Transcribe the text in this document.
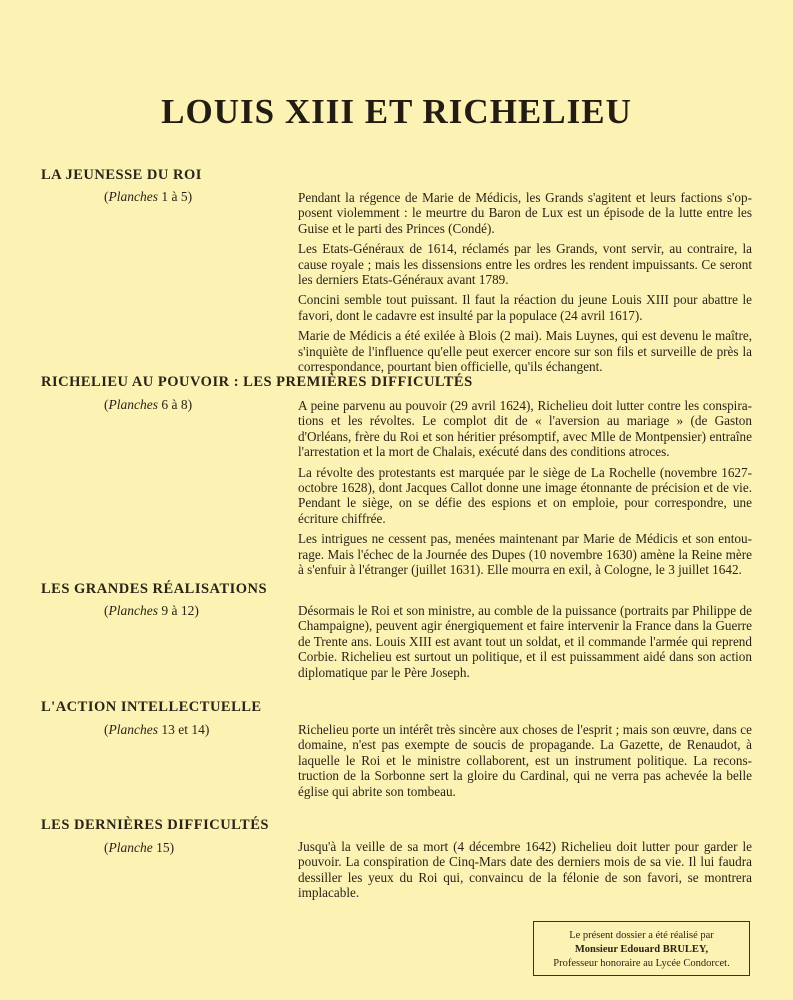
LOUIS XIII ET RICHELIEU
LA JEUNESSE DU ROI
(Planches 1 à 5)	Pendant la régence de Marie de Médicis, les Grands s'agitent et leurs factions s'opposent violemment : le meurtre du Baron de Lux est un épisode de la lutte entre les Guise et le parti des Princes (Condé).

Les Etats-Généraux de 1614, réclamés par les Grands, vont servir, au contraire, la cause royale ; mais les dissensions entre les ordres les rendent impuissants. Ce seront les derniers Etats-Généraux avant 1789.

Concini semble tout puissant. Il faut la réaction du jeune Louis XIII pour abattre le favori, dont le cadavre est insulté par la populace (24 avril 1617).

Marie de Médicis a été exilée à Blois (2 mai). Mais Luynes, qui est devenu le maître, s'inquiète de l'influence qu'elle peut exercer encore sur son fils et surveille de près la correspondance, pourtant bien officielle, qu'ils échangent.

RICHELIEU AU POUVOIR : LES PREMIÈRES DIFFICULTÉS
(Planches 6 à 8)	A peine parvenu au pouvoir (29 avril 1624), Richelieu doit lutter contre les conspirations et les révoltes. Le complot dit de « l'aversion au mariage » (de Gaston d'Orléans, frère du Roi et son héritier présomptif, avec Mlle de Montpensier) entraîne l'arrestation et la mort de Chalais, exécuté dans des conditions atroces.

La révolte des protestants est marquée par le siège de La Rochelle (novembre 1627-octobre 1628), dont Jacques Callot donne une image étonnante de précision et de vie. Pendant le siège, on se défie des espions et on emploie, pour correspondre, une écriture chiffrée.

Les intrigues ne cessent pas, menées maintenant par Marie de Médicis et son entourage. Mais l'échec de la Journée des Dupes (10 novembre 1630) amène la Reine mère à s'enfuir à l'étranger (juillet 1631). Elle mourra en exil, à Cologne, le 3 juillet 1642.

LES GRANDES RÉALISATIONS
(Planches 9 à 12)	Désormais le Roi et son ministre, au comble de la puissance (portraits par Philippe de Champaigne), peuvent agir énergiquement et faire intervenir la France dans la Guerre de Trente ans. Louis XIII est avant tout un soldat, et il commande l'armée qui reprend Corbie. Richelieu est surtout un politique, et il est puissamment aidé dans son action diplomatique par le Père Joseph.

L'ACTION INTELLECTUELLE
(Planches 13 et 14)	Richelieu porte un intérêt très sincère aux choses de l'esprit ; mais son œuvre, dans ce domaine, n'est pas exempte de soucis de propagande. La Gazette, de Renaudot, à laquelle le Roi et le ministre collaborent, est un instrument politique. La reconstruction de la Sorbonne sert la gloire du Cardinal, qui ne verra pas achevée la belle église qui abrite son tombeau.

LES DERNIÈRES DIFFICULTÉS
(Planche 15)	Jusqu'à la veille de sa mort (4 décembre 1642) Richelieu doit lutter pour garder le pouvoir. La conspiration de Cinq-Mars date des derniers mois de sa vie. Il lui faudra dessiller les yeux du Roi qui, convaincu de la félonie de son favori, se montrera implacable.

Le présent dossier a été réalisé par
Monsieur Edouard BRULEY,
Professeur honoraire au Lycée Condorcet.
